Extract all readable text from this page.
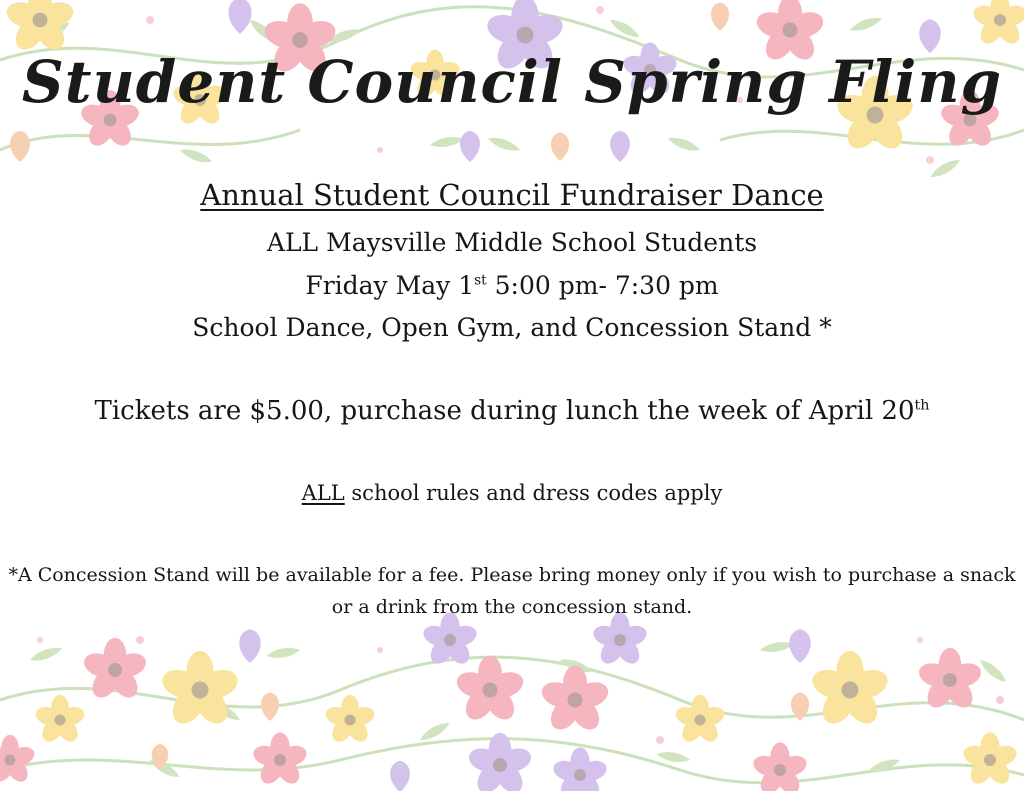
Student Council Spring Fling
Annual Student Council Fundraiser Dance
ALL Maysville Middle School Students
Friday May 1st 5:00 pm- 7:30 pm
School Dance, Open Gym, and Concession Stand *
Tickets are $5.00, purchase during lunch the week of April 20th
ALL school rules and dress codes apply
*A Concession Stand will be available for a fee. Please bring money only if you wish to purchase a snack or a drink from the concession stand.
